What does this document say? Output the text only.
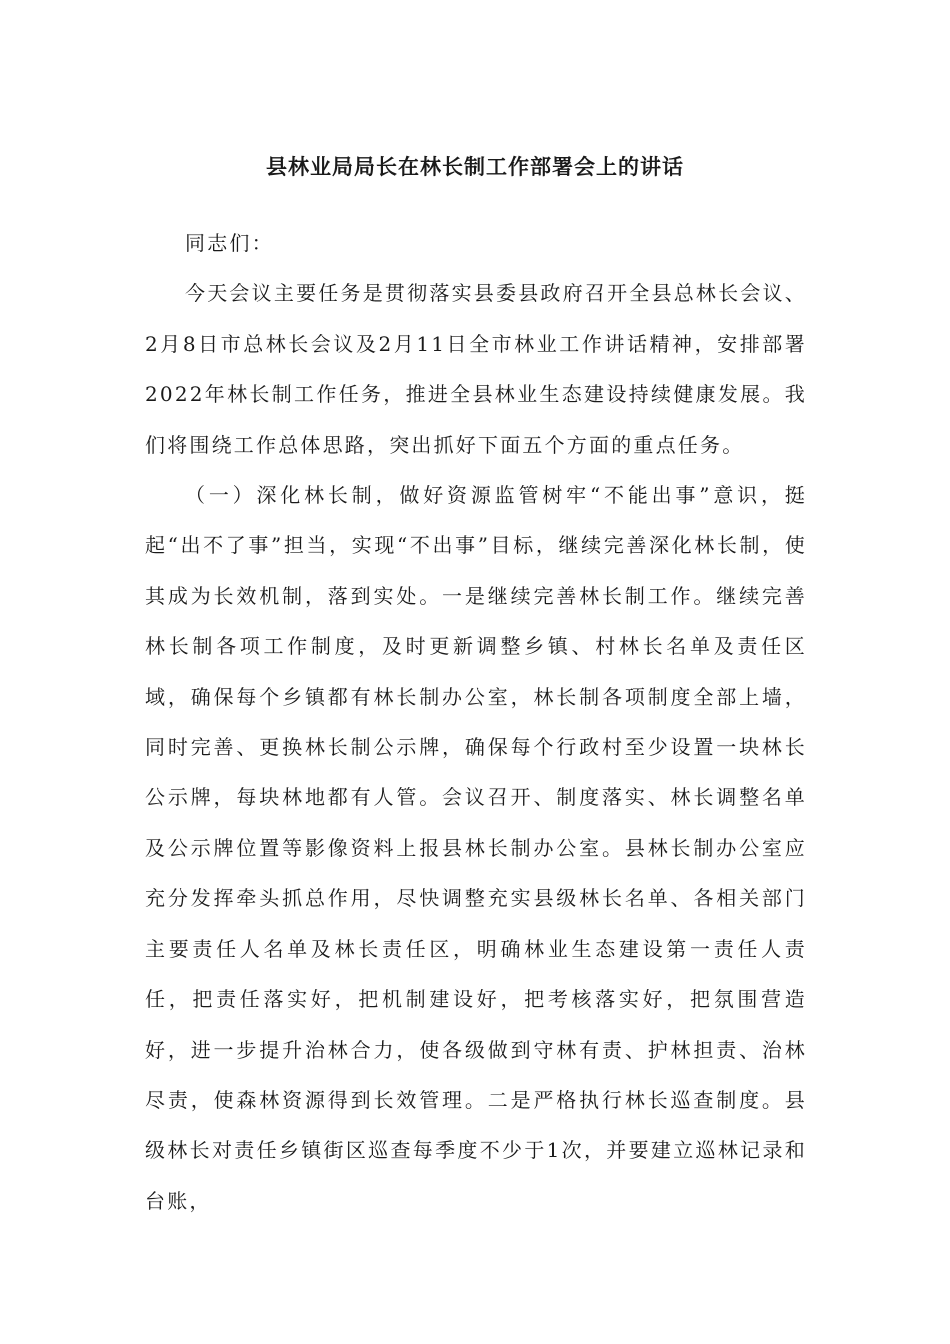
县林业局局长在林长制工作部署会上的讲话

同志们：

今天会议主要任务是贯彻落实县委县政府召开全县总林长会议、2月8日市总林长会议及2月11日全市林业工作讲话精神，安排部署2022年林长制工作任务，推进全县林业生态建设持续健康发展。我们将围绕工作总体思路，突出抓好下面五个方面的重点任务。

（一）深化林长制，做好资源监管树牢“不能出事”意识，挺起“出不了事”担当，实现“不出事”目标，继续完善深化林长制，使其成为长效机制，落到实处。一是继续完善林长制工作。继续完善林长制各项工作制度，及时更新调整乡镇、村林长名单及责任区域，确保每个乡镇都有林长制办公室，林长制各项制度全部上墙，同时完善、更换林长制公示牌，确保每个行政村至少设置一块林长公示牌，每块林地都有人管。会议召开、制度落实、林长调整名单及公示牌位置等影像资料上报县林长制办公室。县林长制办公室应充分发挥牵头抓总作用，尽快调整充实县级林长名单、各相关部门主要责任人名单及林长责任区，明确林业生态建设第一责任人责任，把责任落实好，把机制建设好，把考核落实好，把氛围营造好，进一步提升治林合力，使各级做到守林有责、护林担责、治林尽责，使森林资源得到长效管理。二是严格执行林长巡查制度。县级林长对责任乡镇街区巡查每季度不少于1次，并要建立巡林记录和台账，
